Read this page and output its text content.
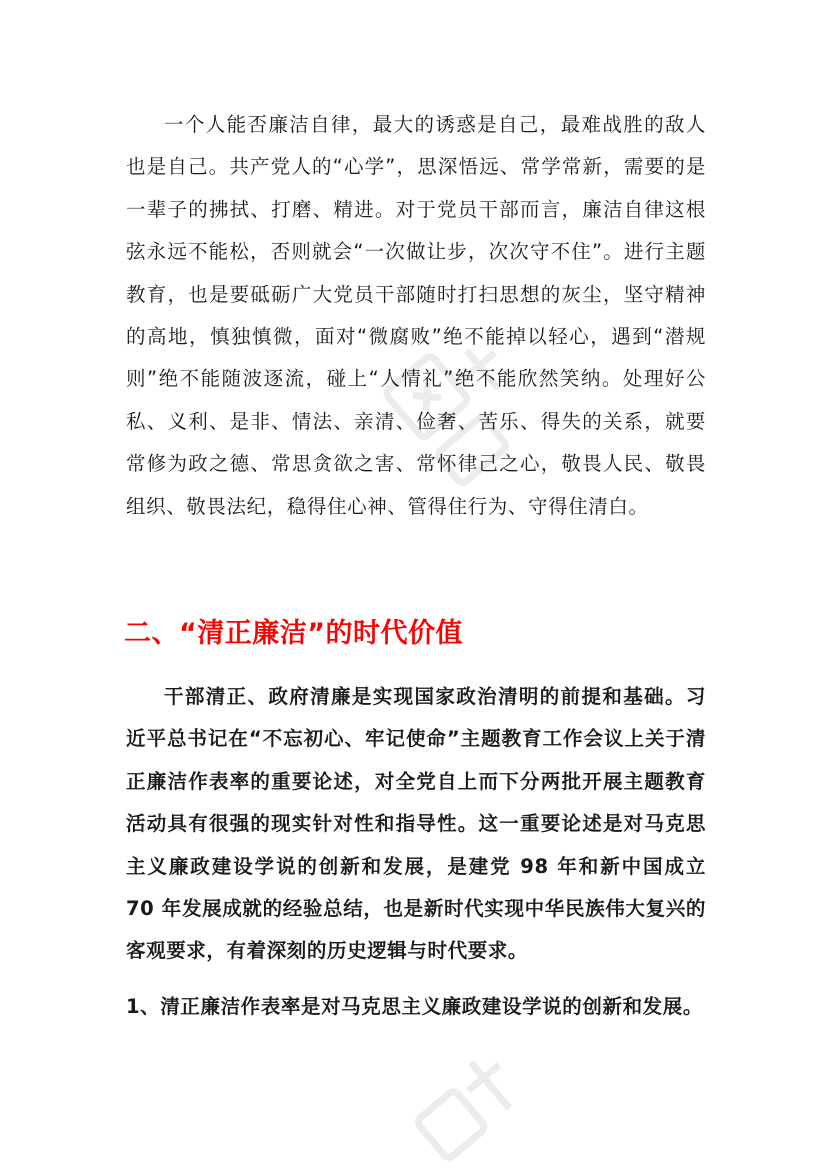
一个人能否廉洁自律，最大的诱惑是自己，最难战胜的敌人也是自己。共产党人的“心学”，思深悟远、常学常新，需要的是一辈子的拂拭、打磨、精进。对于党员干部而言，廉洁自律这根弦永远不能松，否则就会“一次做让步，次次守不住”。进行主题教育，也是要砥砺广大党员干部随时打扫思想的灰尘，坚守精神的高地，慎独慎微，面对“微腐败”绝不能掉以轻心，遇到“潜规则”绝不能随波逐流，碰上“人情礼”绝不能欣然笑纳。处理好公私、义利、是非、情法、亲清、俭奢、苦乐、得失的关系，就要常修为政之德、常思贪欲之害、常怀律己之心，敬畏人民、敬畏组织、敬畏法纪，稳得住心神、管得住行为、守得住清白。

二、“清正廉洁”的时代价值

干部清正、政府清廉是实现国家政治清明的前提和基础。习近平总书记在“不忘初心、牢记使命”主题教育工作会议上关于清正廉洁作表率的重要论述，对全党自上而下分两批开展主题教育活动具有很强的现实针对性和指导性。这一重要论述是对马克思主义廉政建设学说的创新和发展，是建党 98 年和新中国成立 70 年发展成就的经验总结，也是新时代实现中华民族伟大复兴的客观要求，有着深刻的历史逻辑与时代要求。

1、清正廉洁作表率是对马克思主义廉政建设学说的创新和发展。
